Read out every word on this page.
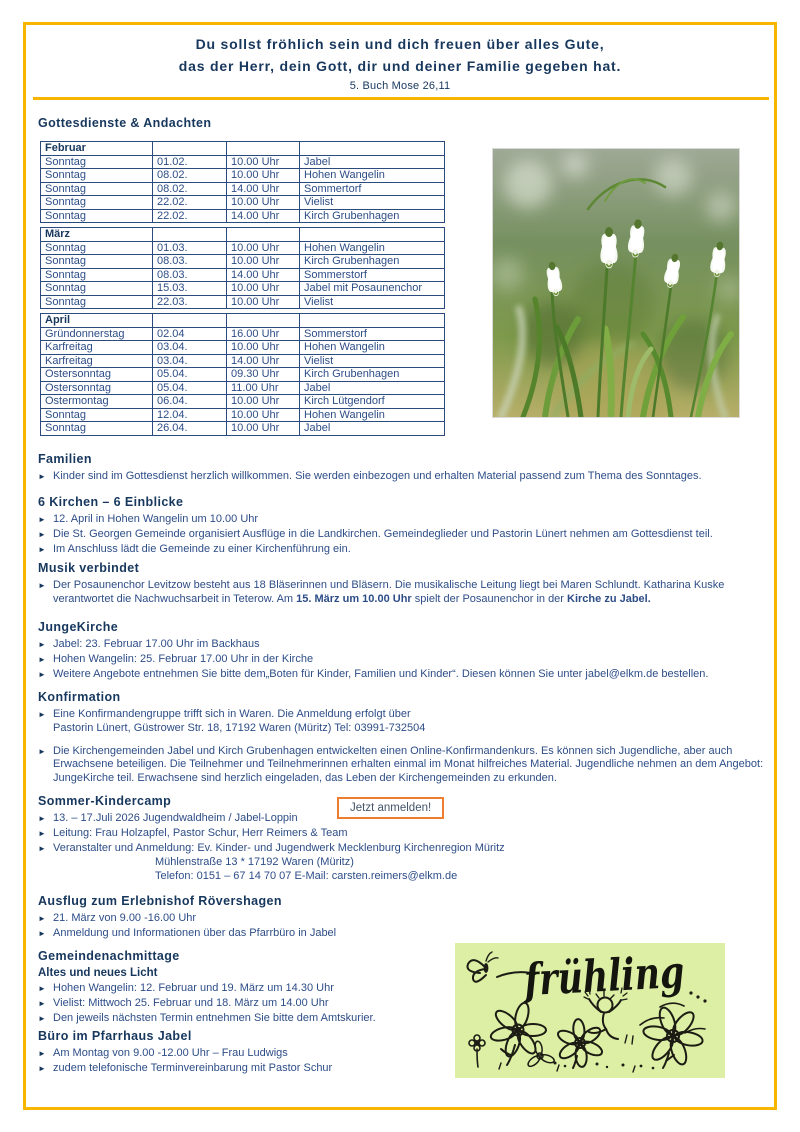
Du sollst fröhlich sein und dich freuen über alles Gute,
das der Herr, dein Gott, dir und deiner Familie gegeben hat.
5. Buch Mose 26,11
Gottesdienste & Andachten
Februar			
Sonntag	01.02.	10.00 Uhr	Jabel
Sonntag	08.02.	10.00 Uhr	Hohen Wangelin
Sonntag	08.02.	14.00 Uhr	Sommertorf
Sonntag	22.02.	10.00 Uhr	Vielist
Sonntag	22.02.	14.00 Uhr	Kirch Grubenhagen
März			
Sonntag	01.03.	10.00 Uhr	Hohen Wangelin
Sonntag	08.03.	10.00 Uhr	Kirch Grubenhagen
Sonntag	08.03.	14.00 Uhr	Sommerstorf
Sonntag	15.03.	10.00 Uhr	Jabel mit Posaunenchor
Sonntag	22.03.	10.00 Uhr	Vielist
April			
Gründonnerstag	02.04	16.00 Uhr	Sommerstorf
Karfreitag	03.04.	10.00 Uhr	Hohen Wangelin
Karfreitag	03.04.	14.00 Uhr	Vielist
Ostersonntag	05.04.	09.30 Uhr	Kirch Grubenhagen
Ostersonntag	05.04.	11.00 Uhr	Jabel
Ostermontag	06.04.	10.00 Uhr	Kirch Lütgendorf
Sonntag	12.04.	10.00 Uhr	Hohen Wangelin
Sonntag	26.04.	10.00 Uhr	Jabel
Familien
► Kinder sind im Gottesdienst herzlich willkommen. Sie werden einbezogen und erhalten Material passend zum Thema des Sonntages.
6 Kirchen – 6 Einblicke
► 12. April in Hohen Wangelin um 10.00 Uhr
► Die St. Georgen Gemeinde organisiert Ausflüge in die Landkirchen. Gemeindeglieder und Pastorin Lünert nehmen am Gottesdienst teil.
► Im Anschluss lädt die Gemeinde zu einer Kirchenführung ein.
Musik verbindet
► Der Posaunenchor Levitzow besteht aus 18 Bläserinnen und Bläsern. Die musikalische Leitung liegt bei Maren Schlundt. Katharina Kuske verantwortet die Nachwuchsarbeit in Teterow. Am 15. März um 10.00 Uhr spielt der Posaunenchor in der Kirche zu Jabel.
JungeKirche
► Jabel: 23. Februar 17.00 Uhr im Backhaus
► Hohen Wangelin: 25. Februar 17.00 Uhr in der Kirche
► Weitere Angebote entnehmen Sie bitte dem„Boten für Kinder, Familien und Kinder“. Diesen können Sie unter jabel@elkm.de bestellen.
Konfirmation
► Eine Konfirmandengruppe trifft sich in Waren. Die Anmeldung erfolgt über
Pastorin Lünert, Güstrower Str. 18, 17192 Waren (Müritz) Tel: 03991-732504
► Die Kirchengemeinden Jabel und Kirch Grubenhagen entwickelten einen Online-Konfirmandenkurs. Es können sich Jugendliche, aber auch Erwachsene beteiligen. Die Teilnehmer und Teilnehmerinnen erhalten einmal im Monat hilfreiches Material. Jugendliche nehmen an dem Angebot: JungeKirche teil. Erwachsene sind herzlich eingeladen, das Leben der Kirchengemeinden zu erkunden.
Sommer-Kindercamp
► 13. – 17.Juli 2026 Jugendwaldheim / Jabel-Loppin
► Leitung: Frau Holzapfel, Pastor Schur, Herr Reimers & Team
► Veranstalter und Anmeldung: Ev. Kinder- und Jugendwerk Mecklenburg Kirchenregion Müritz
Mühlenstraße 13 * 17192 Waren (Müritz)
Telefon: 0151 – 67 14 70 07 E-Mail: carsten.reimers@elkm.de
Jetzt anmelden!
Ausflug zum Erlebnishof Rövershagen
► 21. März von 9.00 -16.00 Uhr
► Anmeldung und Informationen über das Pfarrbüro in Jabel
Gemeindenachmittage
Altes und neues Licht
► Hohen Wangelin: 12. Februar und 19. März um 14.30 Uhr
► Vielist: Mittwoch 25. Februar und 18. März um 14.00 Uhr
► Den jeweils nächsten Termin entnehmen Sie bitte dem Amtskurier.
Büro im Pfarrhaus Jabel
► Am Montag von 9.00 -12.00 Uhr – Frau Ludwigs
► zudem telefonische Terminvereinbarung mit Pastor Schur
frühling
